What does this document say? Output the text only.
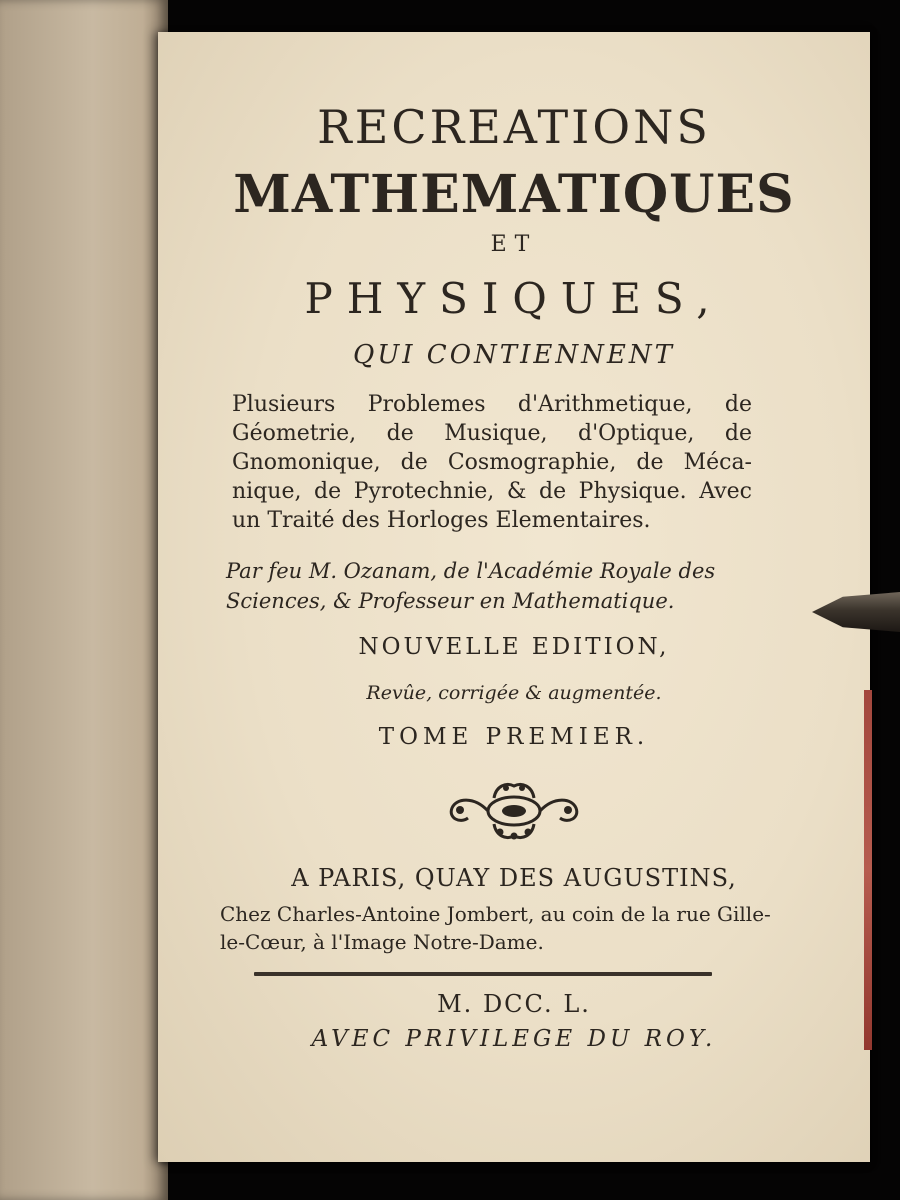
RECREATIONS

MATHEMATIQUES

ET

PHYSIQUES,

QUI CONTIENNENT

Plusieurs Problemes d'Arithmetique, de Géometrie, de Musique, d'Optique, de Gnomonique, de Cosmographie, de Méca-nique, de Pyrotechnie, & de Physique. Avec un Traité des Horloges Elementaires.

Par feu M. Ozanam, de l'Académie Royale des Sciences, & Professeur en Mathematique.

NOUVELLE EDITION,

Revûe, corrigée & augmentée.

TOME PREMIER.

A PARIS, QUAY DES AUGUSTINS,

Chez Charles-Antoine Jombert, au coin de la rue Gille-le-Cœur, à l'Image Notre-Dame.

M. DCC. L.

AVEC PRIVILEGE DU ROY.
